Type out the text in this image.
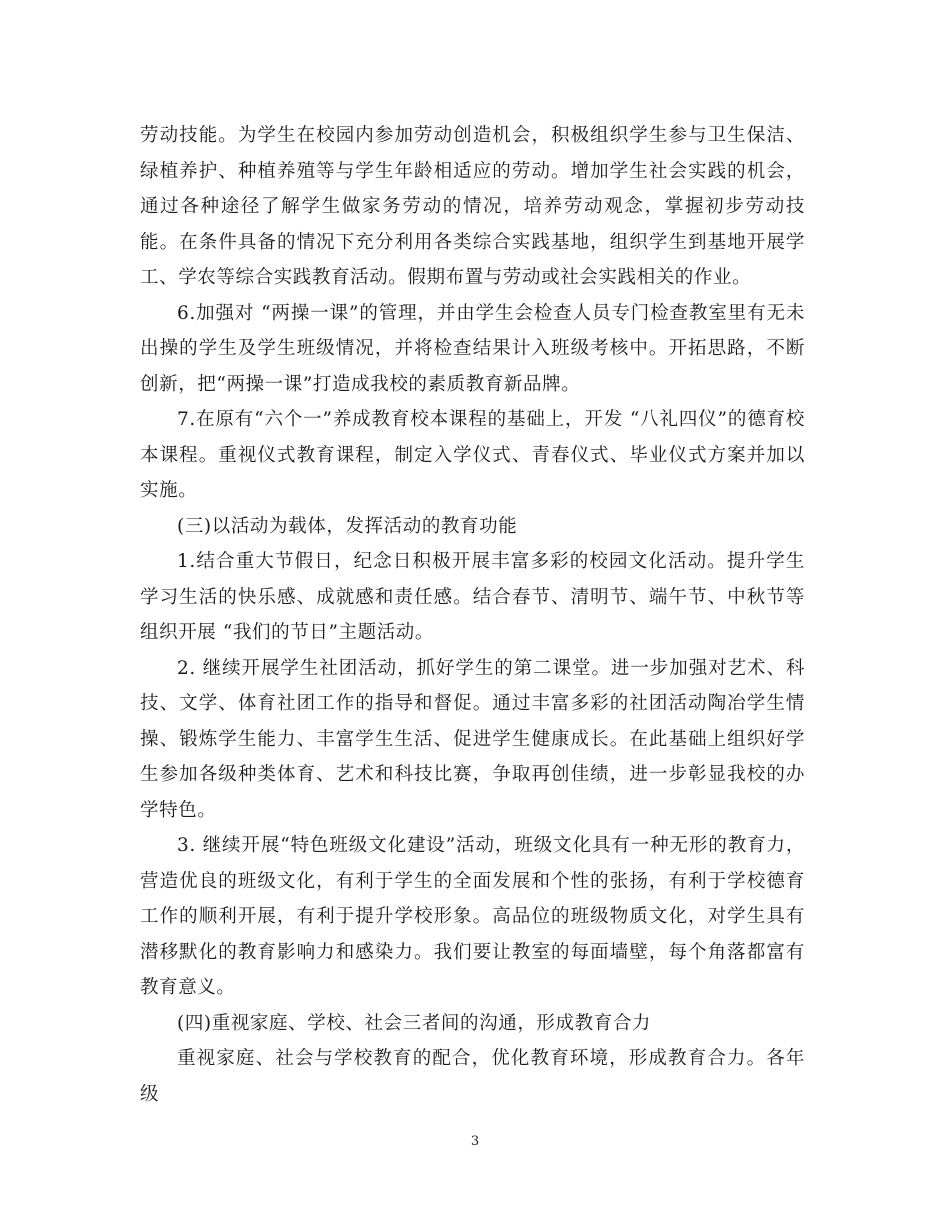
劳动技能。为学生在校园内参加劳动创造机会，积极组织学生参与卫生保洁、绿植养护、种植养殖等与学生年龄相适应的劳动。增加学生社会实践的机会，通过各种途径了解学生做家务劳动的情况，培养劳动观念，掌握初步劳动技能。在条件具备的情况下充分利用各类综合实践基地，组织学生到基地开展学工、学农等综合实践教育活动。假期布置与劳动或社会实践相关的作业。

6.加强对 “两操一课”的管理，并由学生会检查人员专门检查教室里有无未出操的学生及学生班级情况，并将检查结果计入班级考核中。开拓思路，不断创新，把“两操一课”打造成我校的素质教育新品牌。

7.在原有“六个一”养成教育校本课程的基础上，开发 “八礼四仪”的德育校本课程。重视仪式教育课程，制定入学仪式、青春仪式、毕业仪式方案并加以实施。

(三)以活动为载体，发挥活动的教育功能

1.结合重大节假日，纪念日积极开展丰富多彩的校园文化活动。提升学生学习生活的快乐感、成就感和责任感。结合春节、清明节、端午节、中秋节等组织开展 “我们的节日”主题活动。

2. 继续开展学生社团活动，抓好学生的第二课堂。进一步加强对艺术、科技、文学、体育社团工作的指导和督促。通过丰富多彩的社团活动陶冶学生情操、锻炼学生能力、丰富学生生活、促进学生健康成长。在此基础上组织好学生参加各级种类体育、艺术和科技比赛，争取再创佳绩，进一步彰显我校的办学特色。

3. 继续开展“特色班级文化建设”活动，班级文化具有一种无形的教育力，营造优良的班级文化，有利于学生的全面发展和个性的张扬，有利于学校德育工作的顺利开展，有利于提升学校形象。高品位的班级物质文化，对学生具有潜移默化的教育影响力和感染力。我们要让教室的每面墙壁，每个角落都富有教育意义。

(四)重视家庭、学校、社会三者间的沟通，形成教育合力

重视家庭、社会与学校教育的配合，优化教育环境，形成教育合力。各年级

3
